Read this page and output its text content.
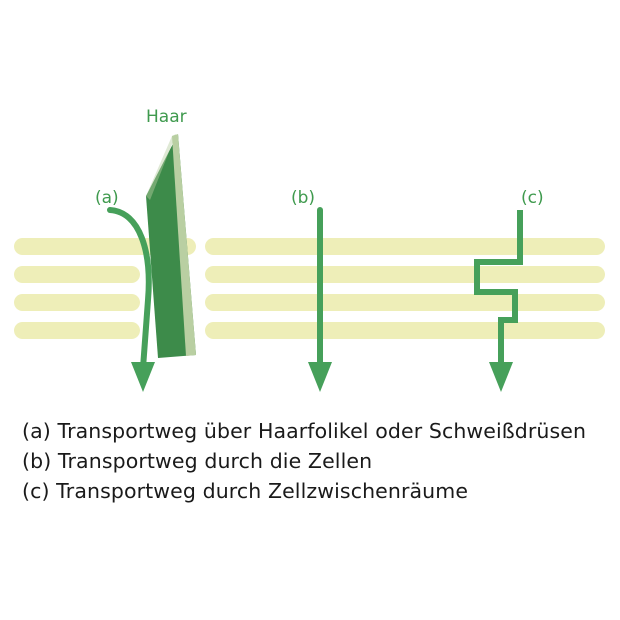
Haar
(a)	(b)	(c)
(a) Transportweg über Haarfolikel oder Schweißdrüsen
(b) Transportweg durch die Zellen
(c) Transportweg durch Zellzwischenräume
